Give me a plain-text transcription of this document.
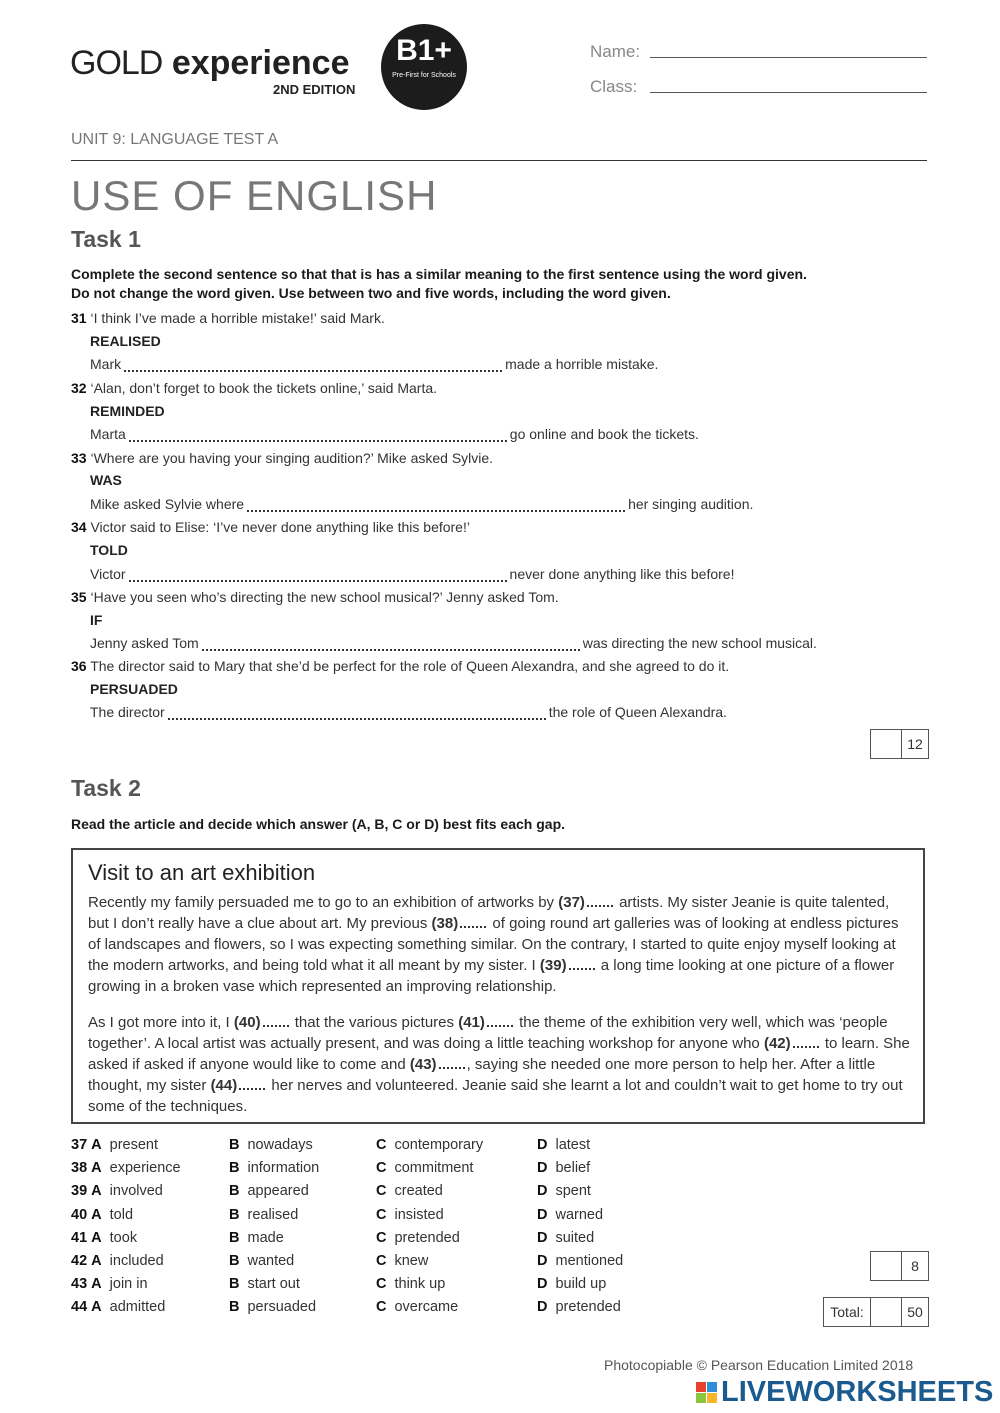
GOLD experience
2ND EDITION
B1+
Pre-First for Schools
Name:
Class:
UNIT 9: LANGUAGE TEST A
USE OF ENGLISH
Task 1
Complete the second sentence so that that is has a similar meaning to the first sentence using the word given.
Do not change the word given. Use between two and five words, including the word given.
31 ‘I think I’ve made a horrible mistake!’ said Mark.
REALISED
Mark	made a horrible mistake.
32 ‘Alan, don’t forget to book the tickets online,’ said Marta.
REMINDED
Marta	go online and book the tickets.
33 ‘Where are you having your singing audition?’ Mike asked Sylvie.
WAS
Mike asked Sylvie where	her singing audition.
34 Victor said to Elise: ‘I’ve never done anything like this before!’
TOLD
Victor	never done anything like this before!
35 ‘Have you seen who’s directing the new school musical?’ Jenny asked Tom.
IF
Jenny asked Tom	was directing the new school musical.
36 The director said to Mary that she’d be perfect for the role of Queen Alexandra, and she agreed to do it.
PERSUADED
The director	the role of Queen Alexandra.
12
Task 2
Read the article and decide which answer (A, B, C or D) best fits each gap.
Visit to an art exhibition
Recently my family persuaded me to go to an exhibition of artworks by (37) artists. My sister Jeanie is quite talented, but I don’t really have a clue about art. My previous (38) of going round art galleries was of looking at endless pictures of landscapes and flowers, so I was expecting something similar. On the contrary, I started to quite enjoy myself looking at the modern artworks, and being told what it all meant by my sister. I (39) a long time looking at one picture of a flower growing in a broken vase which represented an improving relationship.
As I got more into it, I (40) that the various pictures (41) the theme of the exhibition very well, which was ‘people together’. A local artist was actually present, and was doing a little teaching workshop for anyone who (42) to learn. She asked if asked if anyone would like to come and (43) , saying she needed one more person to help her. After a little thought, my sister (44) her nerves and volunteered. Jeanie said she learnt a lot and couldn’t wait to get home to try out some of the techniques.
37 A present	B nowadays	C contemporary	D latest
38 A experience	B information	C commitment	D belief
39 A involved	B appeared	C created	D spent
40 A told	B realised	C insisted	D warned
41 A took	B made	C pretended	D suited
42 A included	B wanted	C knew	D mentioned
43 A join in	B start out	C think up	D build up
44 A admitted	B persuaded	C overcame	D pretended
8
Total:	50
Photocopiable © Pearson Education Limited 2018
LIVEWORKSHEETS
